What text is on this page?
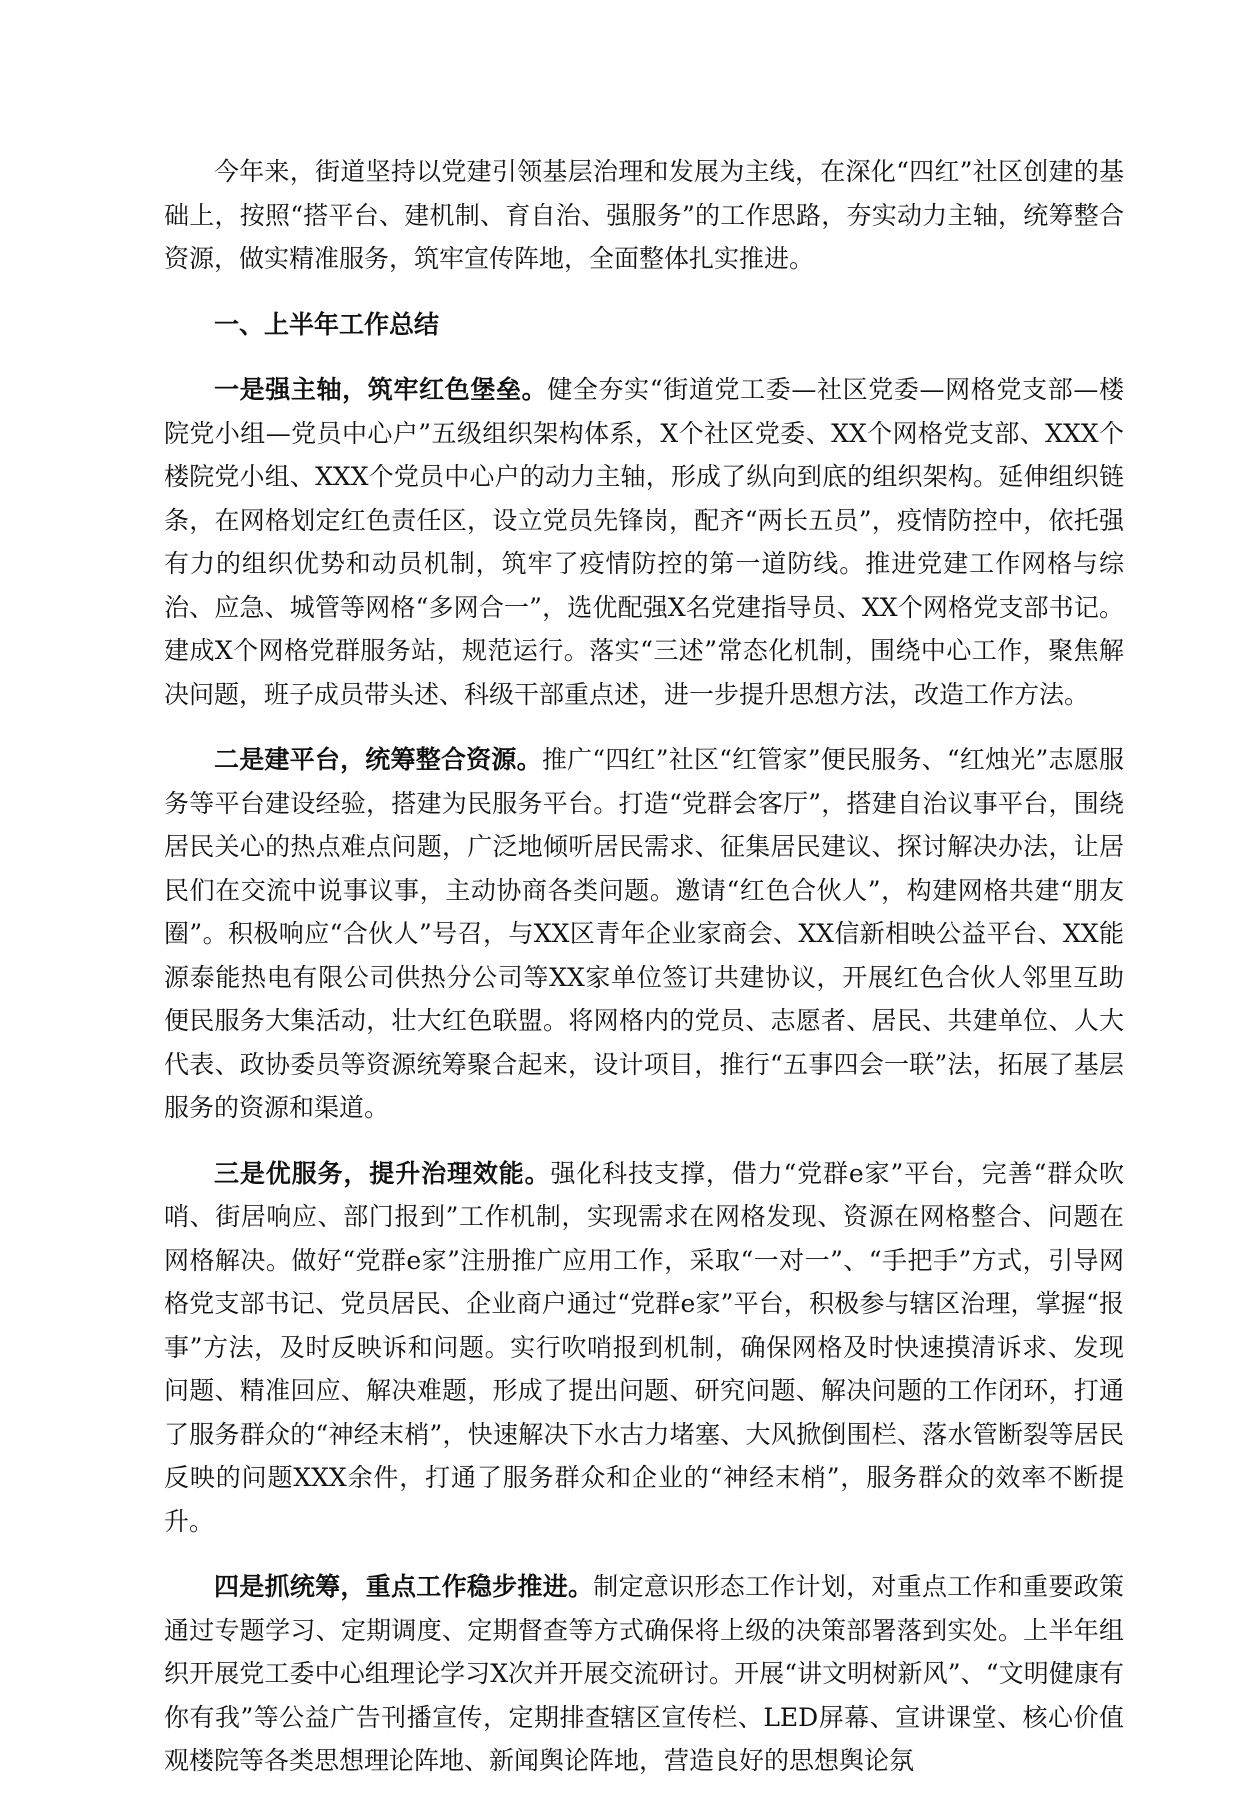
今年来，街道坚持以党建引领基层治理和发展为主线，在深化“四红”社区创建的基础上，按照“搭平台、建机制、育自治、强服务”的工作思路，夯实动力主轴，统筹整合资源，做实精准服务，筑牢宣传阵地，全面整体扎实推进。

一、上半年工作总结

一是强主轴，筑牢红色堡垒。健全夯实“街道党工委—社区党委—网格党支部—楼院党小组—党员中心户”五级组织架构体系，X个社区党委、XX个网格党支部、XXX个楼院党小组、XXX个党员中心户的动力主轴，形成了纵向到底的组织架构。延伸组织链条，在网格划定红色责任区，设立党员先锋岗，配齐“两长五员”，疫情防控中，依托强有力的组织优势和动员机制，筑牢了疫情防控的第一道防线。推进党建工作网格与综治、应急、城管等网格“多网合一”，选优配强X名党建指导员、XX个网格党支部书记。建成X个网格党群服务站，规范运行。落实“三述”常态化机制，围绕中心工作，聚焦解决问题，班子成员带头述、科级干部重点述，进一步提升思想方法，改造工作方法。

二是建平台，统筹整合资源。推广“四红”社区“红管家”便民服务、“红烛光”志愿服务等平台建设经验，搭建为民服务平台。打造“党群会客厅”，搭建自治议事平台，围绕居民关心的热点难点问题，广泛地倾听居民需求、征集居民建议、探讨解决办法，让居民们在交流中说事议事，主动协商各类问题。邀请“红色合伙人”，构建网格共建“朋友圈”。积极响应“合伙人”号召，与XX区青年企业家商会、XX信新相映公益平台、XX能源泰能热电有限公司供热分公司等XX家单位签订共建协议，开展红色合伙人邻里互助便民服务大集活动，壮大红色联盟。将网格内的党员、志愿者、居民、共建单位、人大代表、政协委员等资源统筹聚合起来，设计项目，推行“五事四会一联”法，拓展了基层服务的资源和渠道。

三是优服务，提升治理效能。强化科技支撑，借力“党群e家”平台，完善“群众吹哨、街居响应、部门报到”工作机制，实现需求在网格发现、资源在网格整合、问题在网格解决。做好“党群e家”注册推广应用工作，采取“一对一”、“手把手”方式，引导网格党支部书记、党员居民、企业商户通过“党群e家”平台，积极参与辖区治理，掌握“报事”方法，及时反映诉和问题。实行吹哨报到机制，确保网格及时快速摸清诉求、发现问题、精准回应、解决难题，形成了提出问题、研究问题、解决问题的工作闭环，打通了服务群众的“神经末梢”，快速解决下水古力堵塞、大风掀倒围栏、落水管断裂等居民反映的问题XXX余件，打通了服务群众和企业的“神经末梢”，服务群众的效率不断提升。

四是抓统筹，重点工作稳步推进。制定意识形态工作计划，对重点工作和重要政策通过专题学习、定期调度、定期督查等方式确保将上级的决策部署落到实处。上半年组织开展党工委中心组理论学习X次并开展交流研讨。开展“讲文明树新风”、“文明健康有你有我”等公益广告刊播宣传，定期排查辖区宣传栏、LED屏幕、宣讲课堂、核心价值观楼院等各类思想理论阵地、新闻舆论阵地，营造良好的思想舆论氛
